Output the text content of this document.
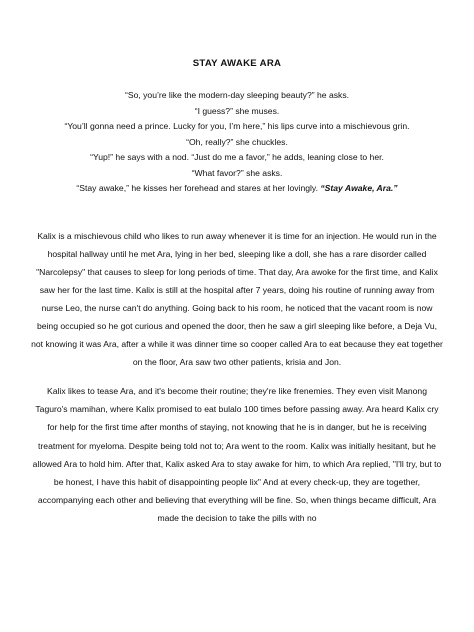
STAY AWAKE ARA
“So, you’re like the modern-day sleeping beauty?” he asks.
“I guess?” she muses.
“You’ll gonna need a prince. Lucky for you, I’m here,” his lips curve into a mischievous grin.
“Oh, really?” she chuckles.
“Yup!” he says with a nod. “Just do me a favor,” he adds, leaning close to her.
“What favor?” she asks.
“Stay awake,” he kisses her forehead and stares at her lovingly. “Stay Awake, Ara.”

Kalix is a mischievous child who likes to run away whenever it is time for an injection. He would run in the hospital hallway until he met Ara, lying in her bed, sleeping like a doll, she has a rare disorder called "Narcolepsy" that causes to sleep for long periods of time. That day, Ara awoke for the first time, and Kalix saw her for the last time. Kalix is still at the hospital after 7 years, doing his routine of running away from nurse Leo, the nurse can't do anything. Going back to his room, he noticed that the vacant room is now being occupied so he got curious and opened the door, then he saw a girl sleeping like before, a Deja Vu, not knowing it was Ara, after a while it was dinner time so cooper called Ara to eat because they eat together on the floor, Ara saw two other patients, krisia and Jon.

Kalix likes to tease Ara, and it's become their routine; they're like frenemies. They even visit Manong Taguro's mamihan, where Kalix promised to eat bulalo 100 times before passing away. Ara heard Kalix cry for help for the first time after months of staying, not knowing that he is in danger, but he is receiving treatment for myeloma. Despite being told not to; Ara went to the room. Kalix was initially hesitant, but he allowed Ara to hold him. After that, Kalix asked Ara to stay awake for him, to which Ara replied, "I'll try, but to be honest, I have this habit of disappointing people lix" And at every check-up, they are together, accompanying each other and believing that everything will be fine. So, when things became difficult, Ara made the decision to take the pills with no
